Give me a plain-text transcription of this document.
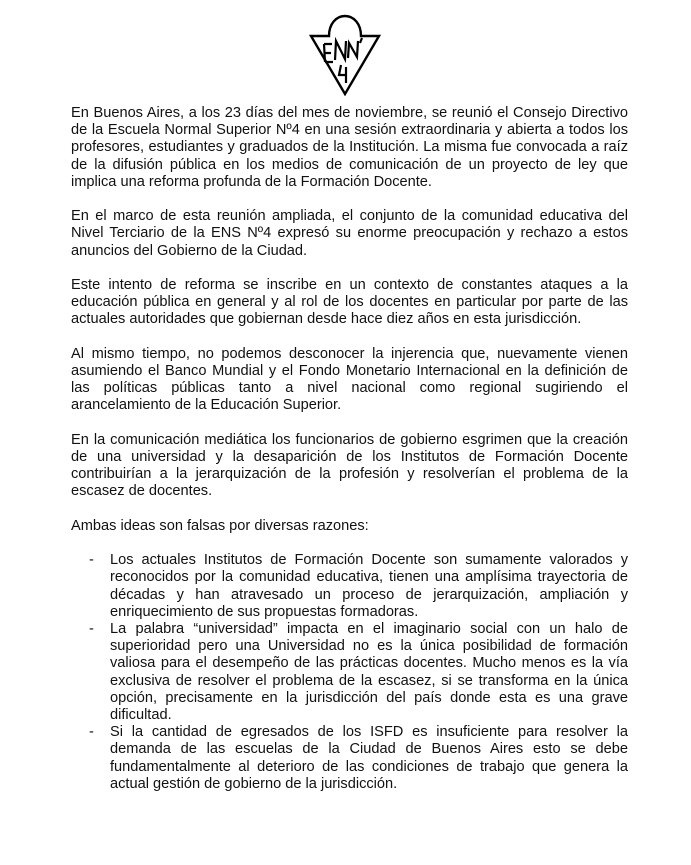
En Buenos Aires, a los 23 días del mes de noviembre, se reunió el Consejo Directivo de la Escuela Normal Superior Nº4 en una sesión extraordinaria y abierta a todos los profesores, estudiantes y graduados de la Institución. La misma fue convocada a raíz de la difusión pública en los medios de comunicación de un proyecto de ley que implica una reforma profunda de la Formación Docente.

En el marco de esta reunión ampliada, el conjunto de la comunidad educativa del Nivel Terciario de la ENS Nº4 expresó su enorme preocupación y rechazo a estos anuncios del Gobierno de la Ciudad.

Este intento de reforma se inscribe en un contexto de constantes ataques a la educación pública en general y al rol de los docentes en particular por parte de las actuales autoridades que gobiernan desde hace diez años en esta jurisdicción.

Al mismo tiempo, no podemos desconocer la injerencia que, nuevamente vienen asumiendo el Banco Mundial y el Fondo Monetario Internacional en la definición de las políticas públicas tanto a nivel nacional como regional sugiriendo el arancelamiento de la Educación Superior.

En la comunicación mediática los funcionarios de gobierno esgrimen que la creación de una universidad y la desaparición de los Institutos de Formación Docente contribuirían a la jerarquización de la profesión y resolverían el problema de la escasez de docentes.

Ambas ideas son falsas por diversas razones:

- Los actuales Institutos de Formación Docente son sumamente valorados y reconocidos por la comunidad educativa, tienen una amplísima trayectoria de décadas y han atravesado un proceso de jerarquización, ampliación y enriquecimiento de sus propuestas formadoras.
- La palabra “universidad” impacta en el imaginario social con un halo de superioridad pero una Universidad no es la única posibilidad de formación valiosa para el desempeño de las prácticas docentes. Mucho menos es la vía exclusiva de resolver el problema de la escasez, si se transforma en la única opción, precisamente en la jurisdicción del país donde esta es una grave dificultad.
- Si la cantidad de egresados de los ISFD es insuficiente para resolver la demanda de las escuelas de la Ciudad de Buenos Aires esto se debe fundamentalmente al deterioro de las condiciones de trabajo que genera la actual gestión de gobierno de la jurisdicción.
